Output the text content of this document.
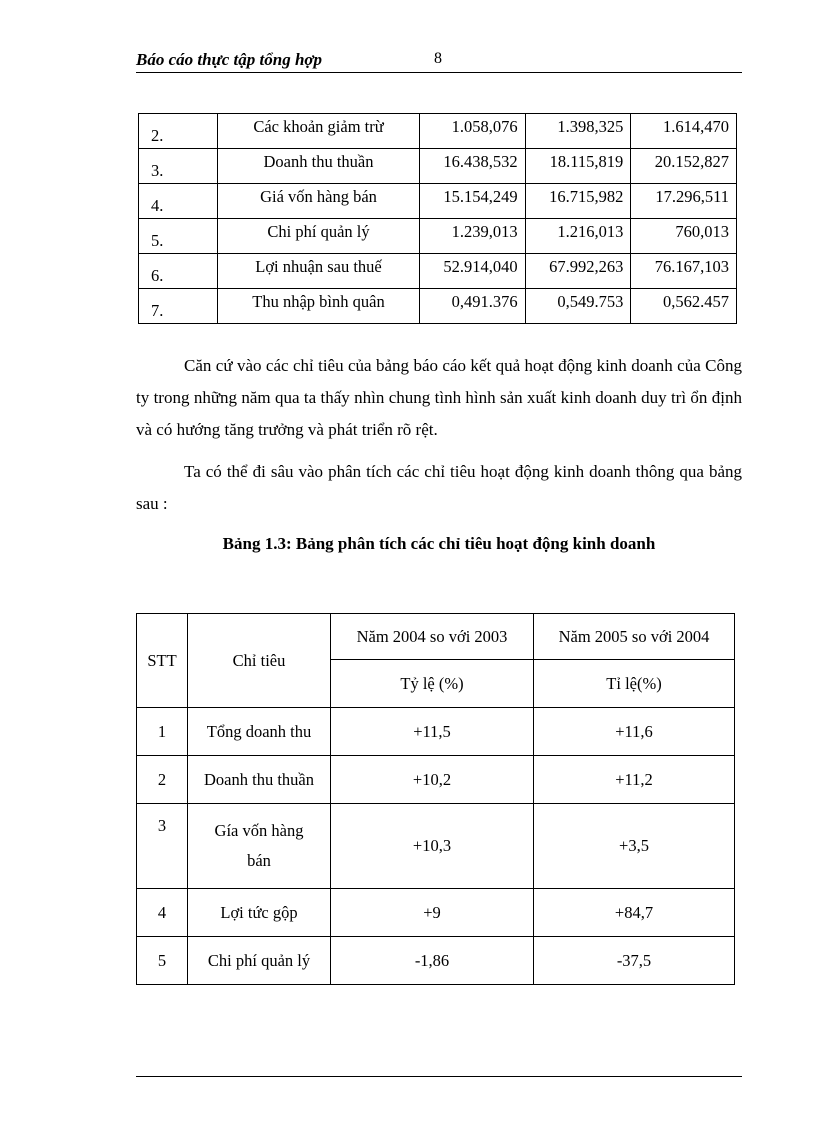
Báo cáo thực tập tổng hợp	8
2.	Các khoản giảm trừ	1.058,076	1.398,325	1.614,470
3.	Doanh thu thuần	16.438,532	18.115,819	20.152,827
4.	Giá vốn hàng bán	15.154,249	16.715,982	17.296,511
5.	Chi phí quản lý	1.239,013	1.216,013	760,013
6.	Lợi nhuận sau thuế	52.914,040	67.992,263	76.167,103
7.	Thu nhập bình quân	0,491.376	0,549.753	0,562.457
Căn cứ vào các chỉ tiêu của bảng báo cáo kết quả hoạt động kinh doanh của Công ty trong những năm qua ta thấy nhìn chung tình hình sản xuất kinh doanh duy trì ổn định và có hướng tăng trưởng và phát triển rõ rệt.
Ta có thể đi sâu vào phân tích các chỉ tiêu hoạt động kinh doanh thông qua bảng sau :
Bảng 1.3: Bảng phân tích các chỉ tiêu hoạt động kinh doanh
STT	Chỉ tiêu	Năm 2004 so với 2003	Năm 2005 so với 2004
		Tỷ lệ (%)	Tỉ lệ(%)
1	Tổng doanh thu	+11,5	+11,6
2	Doanh thu thuần	+10,2	+11,2
3	Gía vốn hàng
bán	+10,3	+3,5
4	Lợi tức gộp	+9	+84,7
5	Chi phí quản lý	-1,86	-37,5
